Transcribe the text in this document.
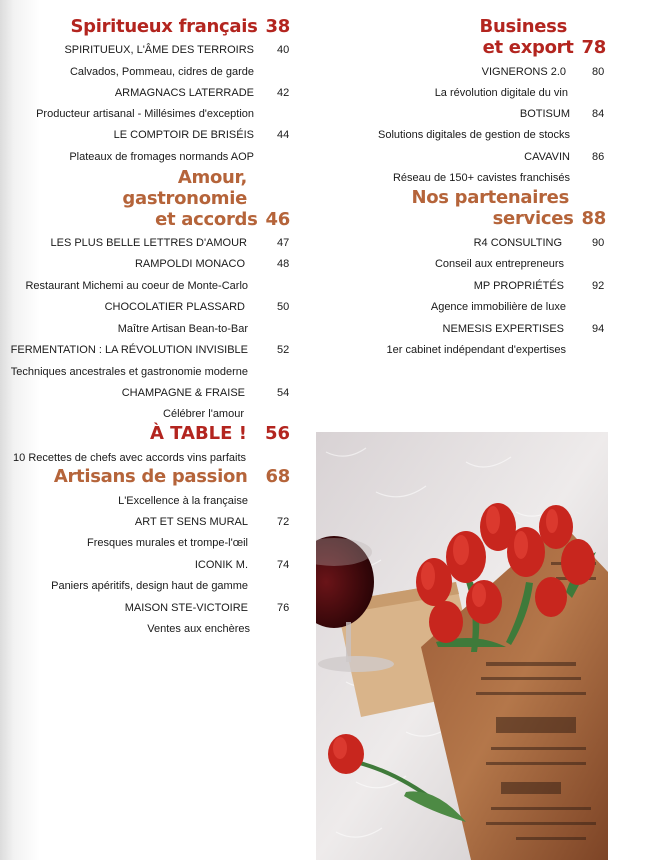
Spiritueux français 38
SPIRITUEUX, L'ÂME DES TERROIRS 40
Calvados, Pommeau, cidres de garde
ARMAGNACS LATERRADE 42
Producteur artisanal - Millésimes d'exception
LE COMPTOIR DE BRISÉIS 44
Plateaux de fromages normands AOP
Amour,
gastronomie
et accords 46
LES PLUS BELLE LETTRES D'AMOUR	47
RAMPOLDI MONACO	48
Restaurant Michemi au coeur de Monte-Carlo
CHOCOLATIER PLASSARD	50
Maître Artisan Bean-to-Bar
FERMENTATION : LA RÉVOLUTION INVISIBLE	52
Techniques ancestrales et gastronomie moderne
CHAMPAGNE & FRAISE	54
Célébrer l'amour
À TABLE ! 56
10 Recettes de chefs avec accords vins parfaits
Artisans de passion 68
L'Excellence à la française
ART ET SENS MURAL	72
Fresques murales et trompe-l'œil
ICONIK M.	74
Paniers apéritifs, design haut de gamme
MAISON STE-VICTOIRE	76
Ventes aux enchères
Business
et export 78
VIGNERONS 2.0 80
La révolution digitale du vin
BOTISUM 84
Solutions digitales de gestion de stocks
CAVAVIN 86
Réseau de 150+ cavistes franchisés
Nos partenaires
services 88
R4 CONSULTING	90
Conseil aux entrepreneurs
MP PROPRIÉTÉS	92
Agence immobilière de luxe
NEMESIS EXPERTISES	94
1er cabinet indépendant d'expertises
